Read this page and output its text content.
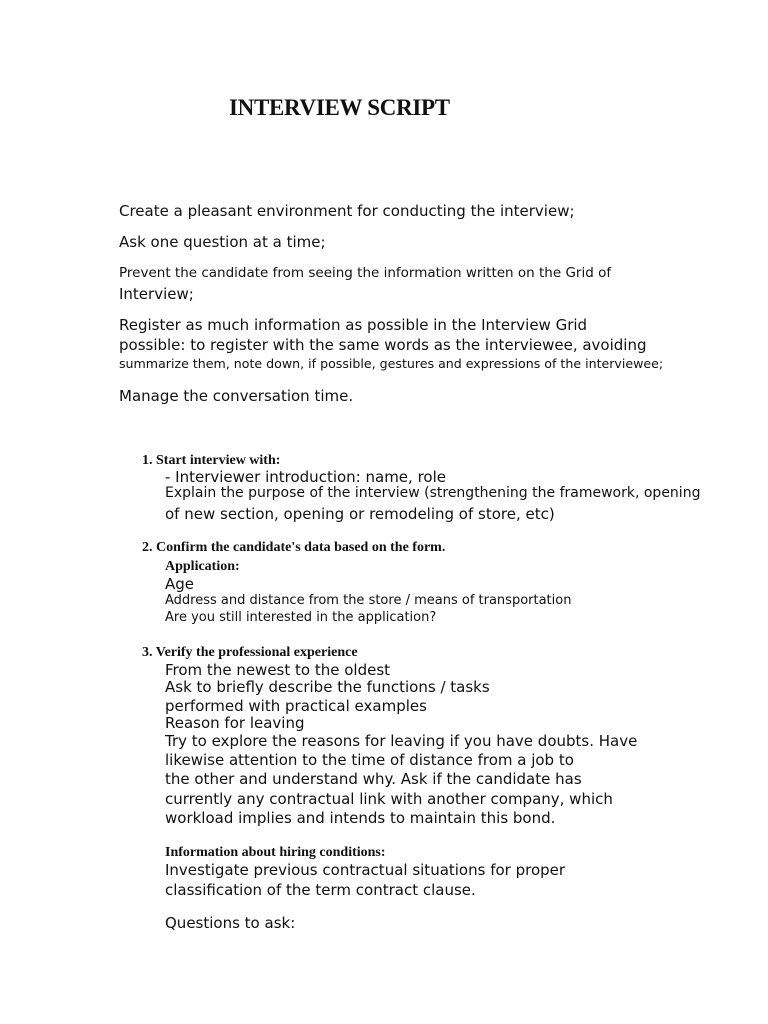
INTERVIEW SCRIPT

Create a pleasant environment for conducting the interview;

Ask one question at a time;

Prevent the candidate from seeing the information written on the Grid of

Interview;

Register as much information as possible in the Interview Grid

possible: to register with the same words as the interviewee, avoiding

summarize them, note down, if possible, gestures and expressions of the interviewee;

Manage the conversation time.

1. Start interview with:

- Interviewer introduction: name, role

Explain the purpose of the interview (strengthening the framework, opening

of new section, opening or remodeling of store, etc)

2. Confirm the candidate's data based on the form.

Application:

Age

Address and distance from the store / means of transportation

Are you still interested in the application?

3. Verify the professional experience

From the newest to the oldest

Ask to briefly describe the functions / tasks

performed with practical examples

Reason for leaving

Try to explore the reasons for leaving if you have doubts. Have

likewise attention to the time of distance from a job to

the other and understand why. Ask if the candidate has

currently any contractual link with another company, which

workload implies and intends to maintain this bond.

Information about hiring conditions:

Investigate previous contractual situations for proper

classification of the term contract clause.

Questions to ask:
